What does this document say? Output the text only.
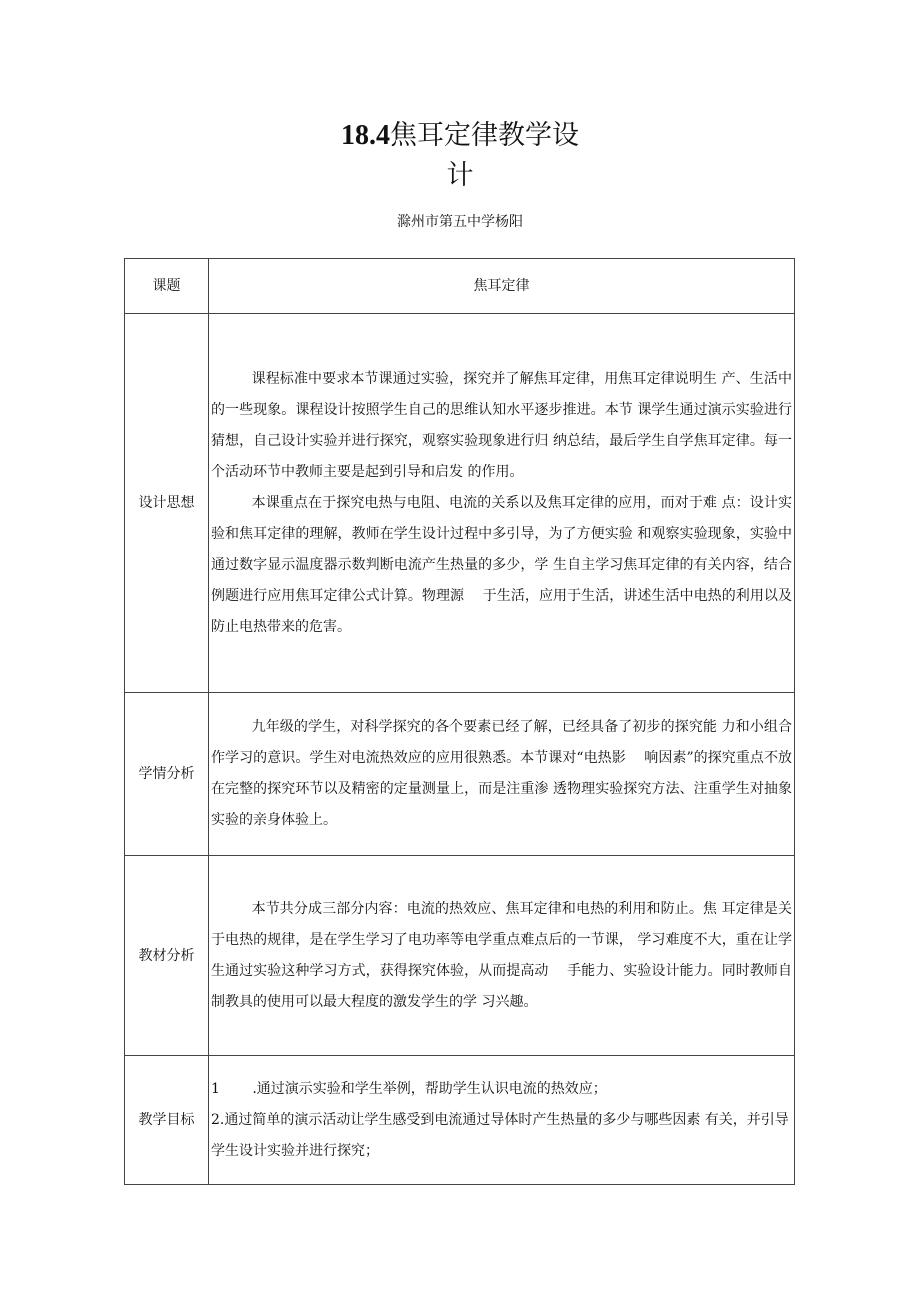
18.4焦耳定律教学设
计
滁州市第五中学杨阳
课题	焦耳定律
设计思想	课程标准中要求本节课通过实验，探究并了解焦耳定律，用焦耳定律说明生 产、生活中的一些现象。课程设计按照学生自己的思维认知水平逐步推进。本节 课学生通过演示实验进行猜想，自己设计实验并进行探究，观察实验现象进行归 纳总结，最后学生自学焦耳定律。每一个活动环节中教师主要是起到引导和启发 的作用。

本课重点在于探究电热与电阻、电流的关系以及焦耳定律的应用，而对于难 点：设计实验和焦耳定律的理解，教师在学生设计过程中多引导，为了方便实验 和观察实验现象，实验中通过数字显示温度器示数判断电流产生热量的多少，学 生自主学习焦耳定律的有关内容，结合例题进行应用焦耳定律公式计算。物理源　 于生活，应用于生活，讲述生活中电热的利用以及防止电热带来的危害。

学情分析	九年级的学生，对科学探究的各个要素已经了解，已经具备了初步的探究能 力和小组合作学习的意识。学生对电流热效应的应用很熟悉。本节课对“电热影　 响因素”的探究重点不放在完整的探究环节以及精密的定量测量上，而是注重渗 透物理实验探究方法、注重学生对抽象实验的亲身体验上。

教材分析	本节共分成三部分内容：电流的热效应、焦耳定律和电热的利用和防止。焦 耳定律是关于电热的规律，是在学生学习了电功率等电学重点难点后的一节课， 学习难度不大，重在让学生通过实验这种学习方式，获得探究体验，从而提高动　 手能力、实验设计能力。同时教师自制教具的使用可以最大程度的激发学生的学 习兴趣。

教学目标	1　　 .通过演示实验和学生举例，帮助学生认识电流的热效应；

2.通过简单的演示活动让学生感受到电流通过导体时产生热量的多少与哪些因素 有关，并引导学生设计实验并进行探究；
